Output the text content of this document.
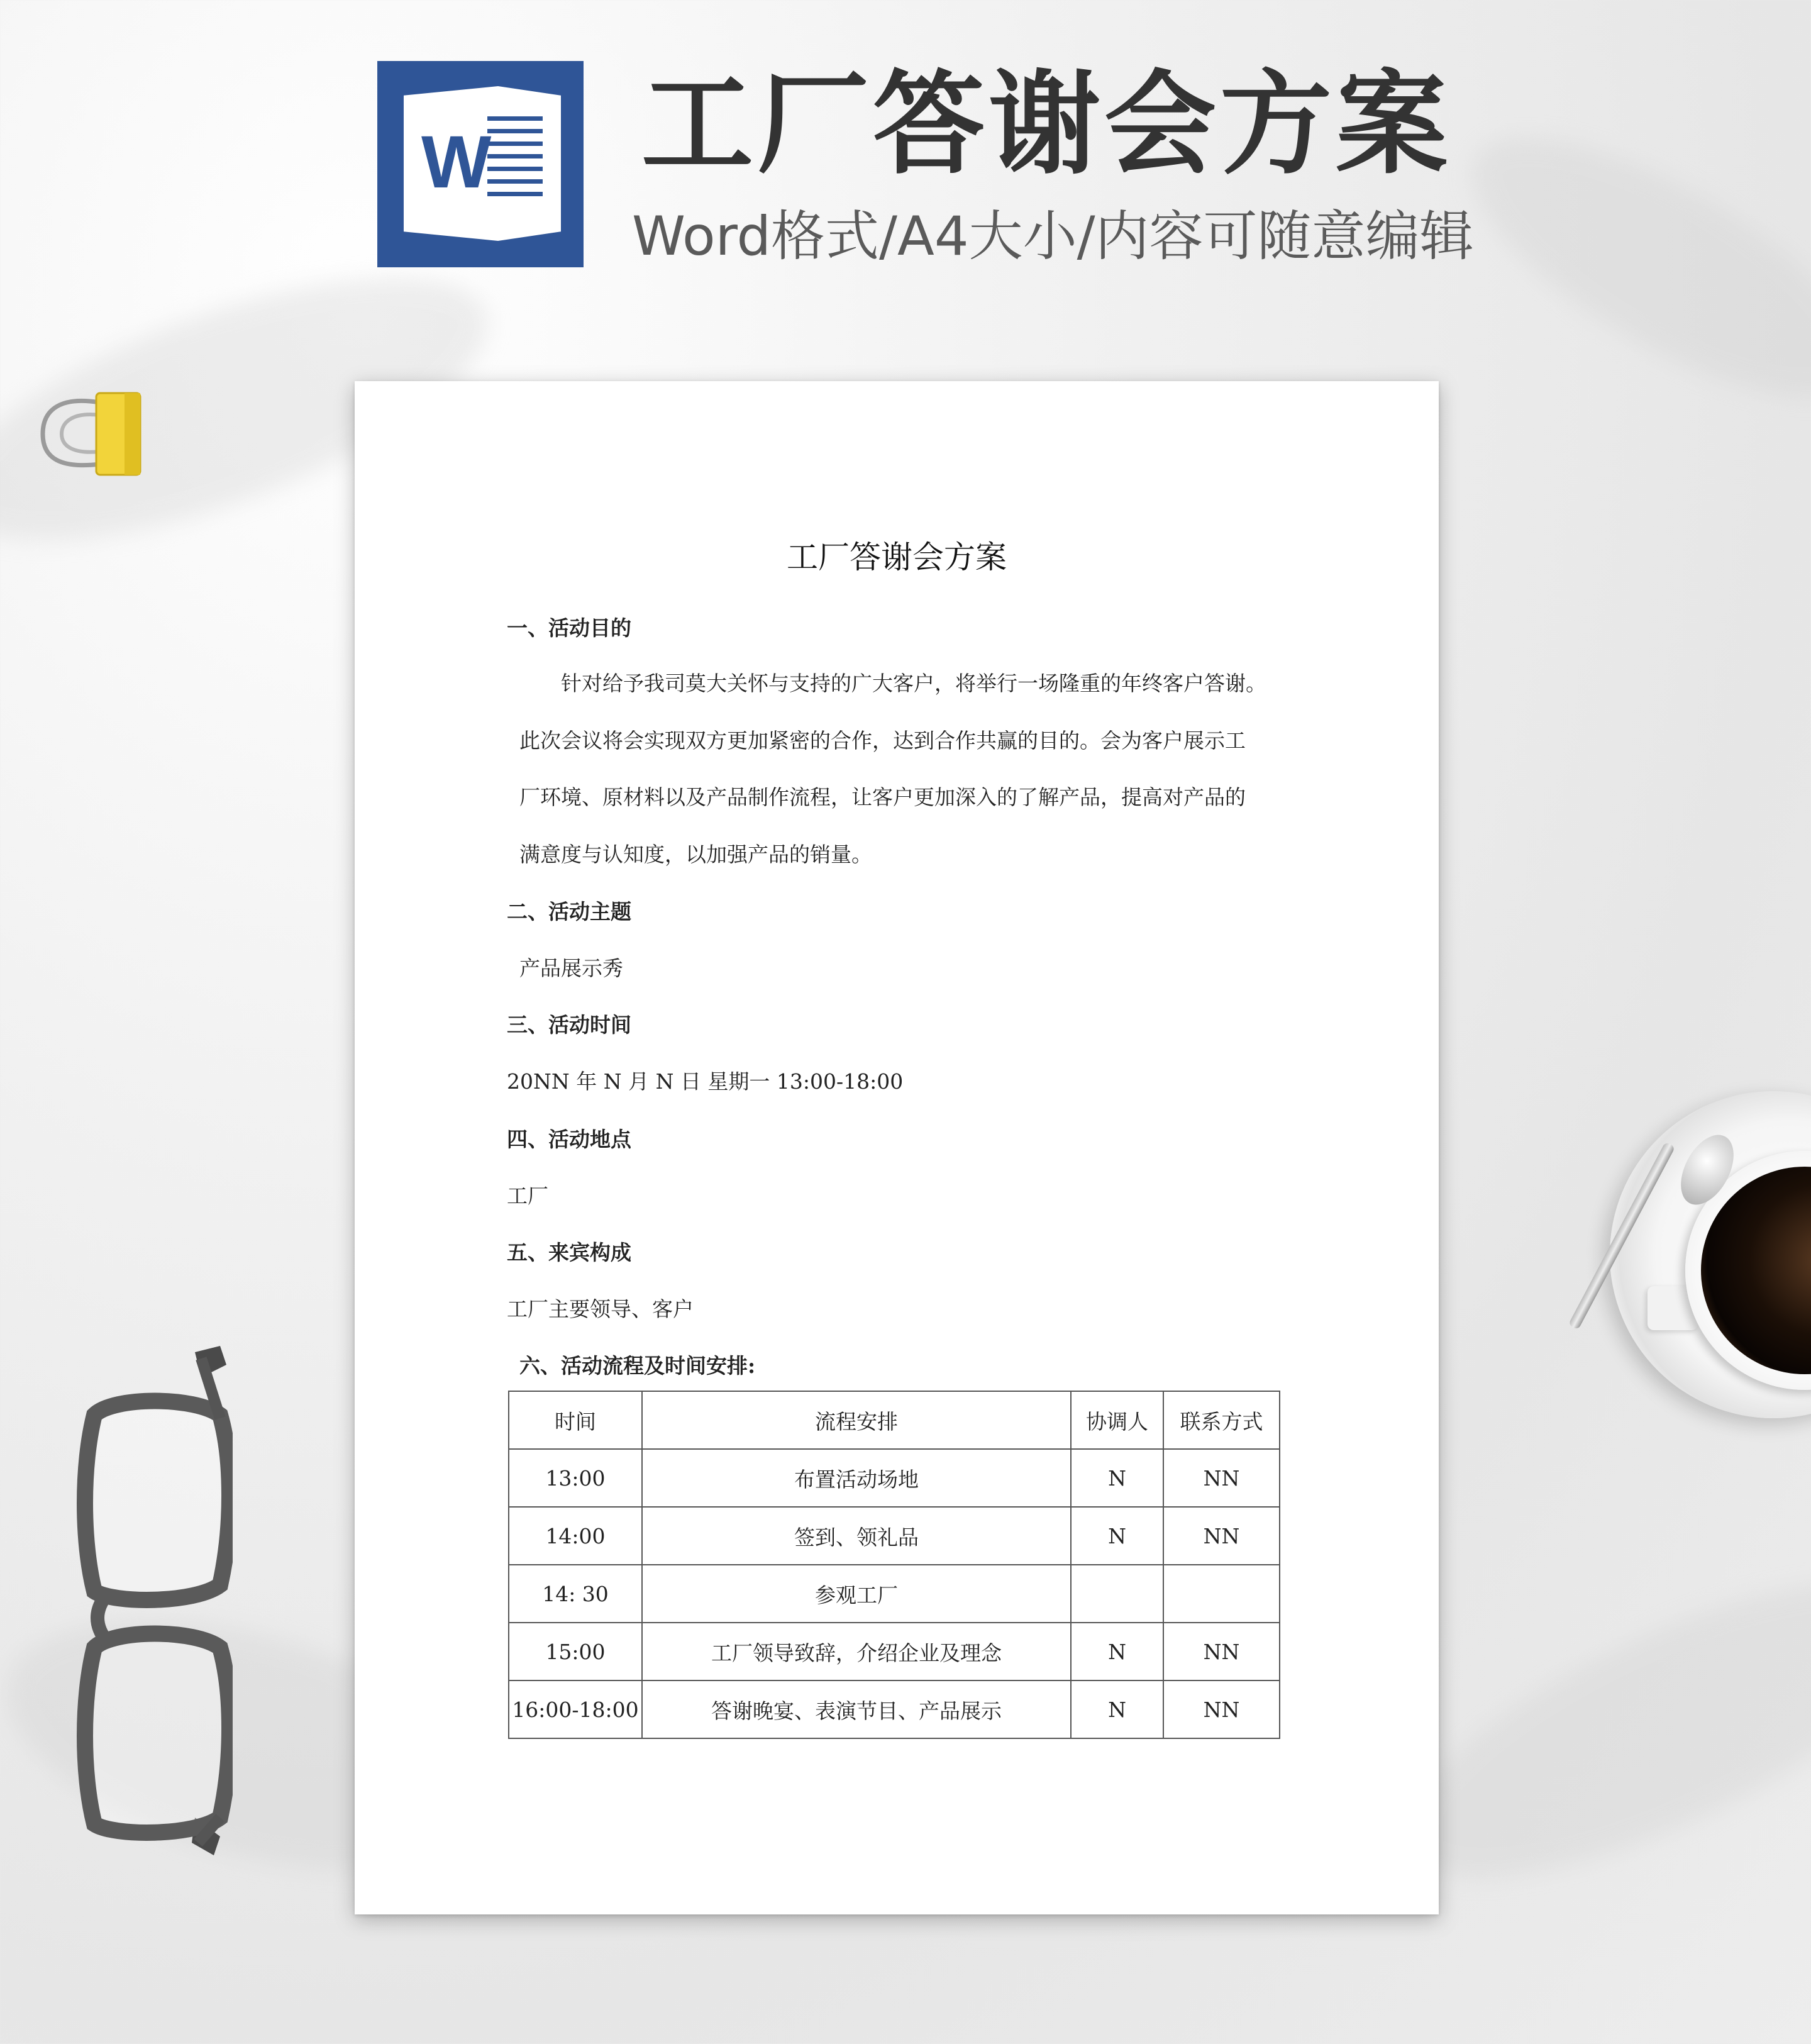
W 工厂答谢会方案
Word格式/A4大小/内容可随意编辑
工厂答谢会方案
一、活动目的
针对给予我司莫大关怀与支持的广大客户，将举行一场隆重的年终客户答谢。
此次会议将会实现双方更加紧密的合作，达到合作共赢的目的。会为客户展示工
厂环境、原材料以及产品制作流程，让客户更加深入的了解产品，提高对产品的
满意度与认知度，以加强产品的销量。
二、活动主题
产品展示秀
三、活动时间
20NN 年 N 月 N 日 星期一 13:00-18:00
四、活动地点
工厂
五、来宾构成
工厂主要领导、客户
六、活动流程及时间安排:
时间	流程安排	协调人	联系方式
13:00	布置活动场地	N	NN
14:00	签到、领礼品	N	NN
14: 30	参观工厂		
15:00	工厂领导致辞，介绍企业及理念	N	NN
16:00-18:00	答谢晚宴、表演节目、产品展示	N	NN
